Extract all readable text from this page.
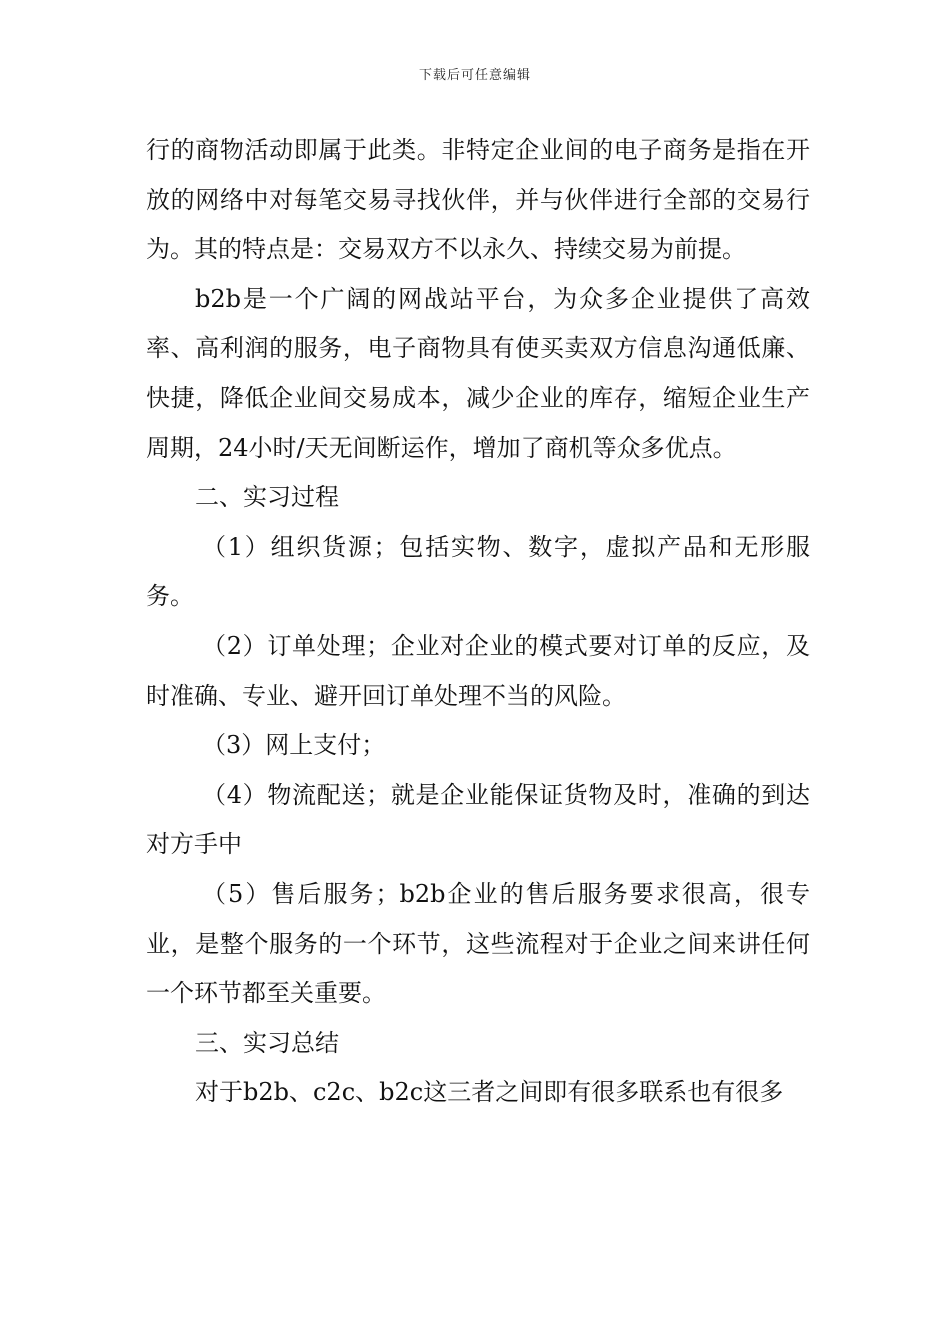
下载后可任意编辑

行的商物活动即属于此类。非特定企业间的电子商务是指在开放的网络中对每笔交易寻找伙伴，并与伙伴进行全部的交易行为。其的特点是：交易双方不以永久、持续交易为前提。

b2b是一个广阔的网战站平台，为众多企业提供了高效率、高利润的服务，电子商物具有使买卖双方信息沟通低廉、快捷，降低企业间交易成本，减少企业的库存，缩短企业生产周期，24小时/天无间断运作，增加了商机等众多优点。

二、实习过程

（1）组织货源；包括实物、数字，虚拟产品和无形服务。

（2）订单处理；企业对企业的模式要对订单的反应，及时准确、专业、避开回订单处理不当的风险。

（3）网上支付；

（4）物流配送；就是企业能保证货物及时，准确的到达对方手中

（5）售后服务；b2b企业的售后服务要求很高，很专业，是整个服务的一个环节，这些流程对于企业之间来讲任何一个环节都至关重要。

三、实习总结

对于b2b、c2c、b2c这三者之间即有很多联系也有很多
